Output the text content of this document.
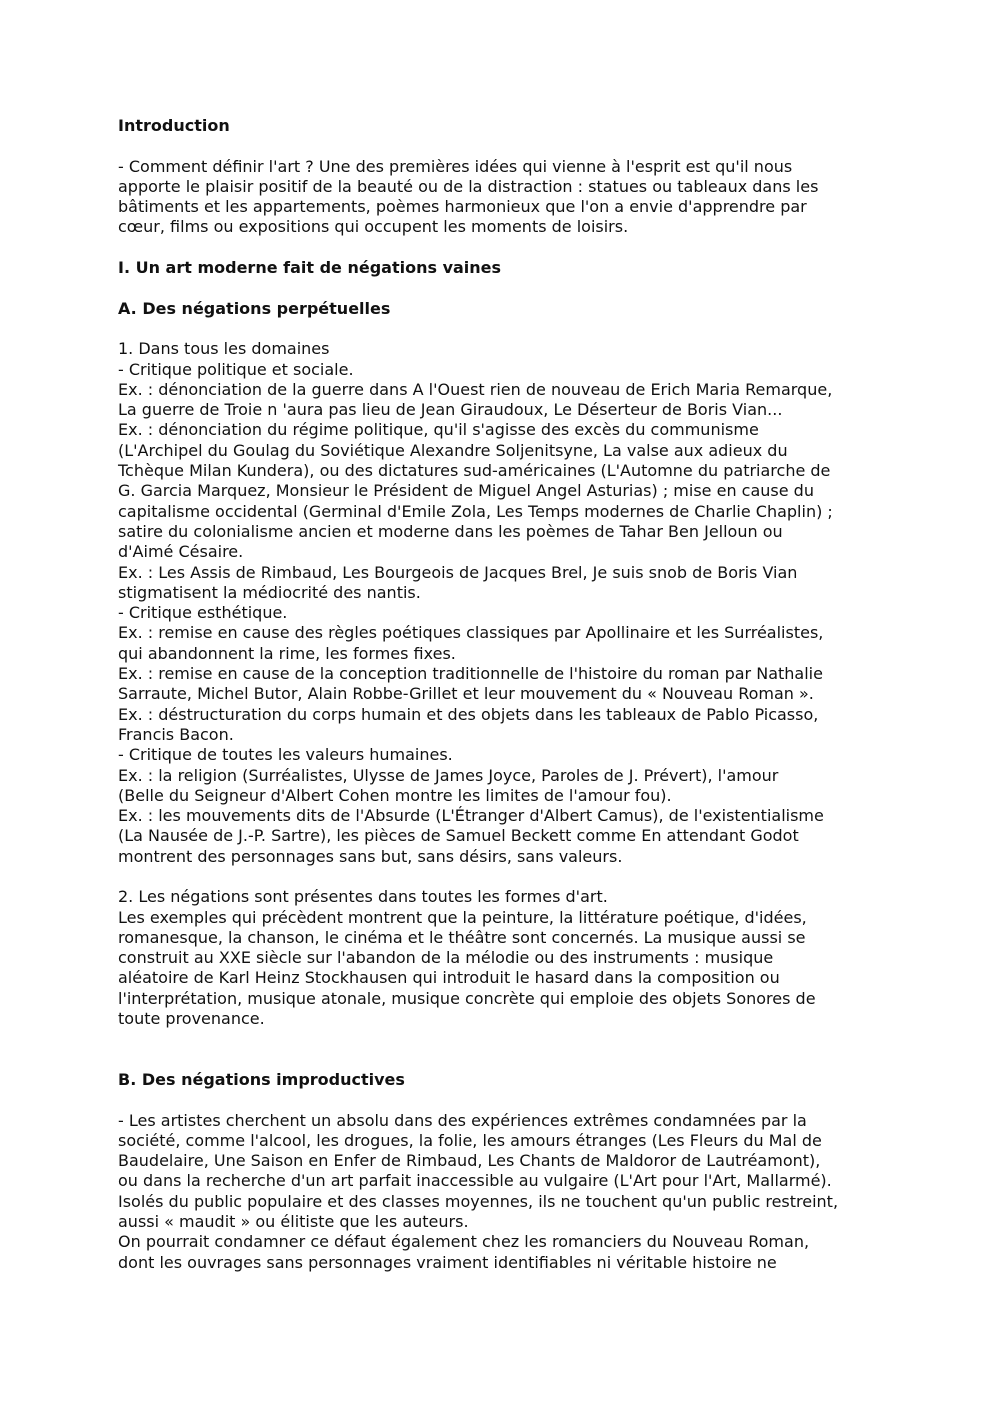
Introduction
- Comment définir l'art ? Une des premières idées qui vienne à l'esprit est qu'il nous
apporte le plaisir positif de la beauté ou de la distraction : statues ou tableaux dans les
bâtiments et les appartements, poèmes harmonieux que l'on a envie d'apprendre par
cœur, films ou expositions qui occupent les moments de loisirs.
I. Un art moderne fait de négations vaines
A. Des négations perpétuelles
1. Dans tous les domaines
- Critique politique et sociale.
Ex. : dénonciation de la guerre dans A l'Ouest rien de nouveau de Erich Maria Remarque,
La guerre de Troie n 'aura pas lieu de Jean Giraudoux, Le Déserteur de Boris Vian...
Ex. : dénonciation du régime politique, qu'il s'agisse des excès du communisme
(L'Archipel du Goulag du Soviétique Alexandre Soljenitsyne, La valse aux adieux du
Tchèque Milan Kundera), ou des dictatures sud-américaines (L'Automne du patriarche de
G. Garcia Marquez, Monsieur le Président de Miguel Angel Asturias) ; mise en cause du
capitalisme occidental (Germinal d'Emile Zola, Les Temps modernes de Charlie Chaplin) ;
satire du colonialisme ancien et moderne dans les poèmes de Tahar Ben Jelloun ou
d'Aimé Césaire.
Ex. : Les Assis de Rimbaud, Les Bourgeois de Jacques Brel, Je suis snob de Boris Vian
stigmatisent la médiocrité des nantis.
- Critique esthétique.
Ex. : remise en cause des règles poétiques classiques par Apollinaire et les Surréalistes,
qui abandonnent la rime, les formes fixes.
Ex. : remise en cause de la conception traditionnelle de l'histoire du roman par Nathalie
Sarraute, Michel Butor, Alain Robbe-Grillet et leur mouvement du « Nouveau Roman ».
Ex. : déstructuration du corps humain et des objets dans les tableaux de Pablo Picasso,
Francis Bacon.
- Critique de toutes les valeurs humaines.
Ex. : la religion (Surréalistes, Ulysse de James Joyce, Paroles de J. Prévert), l'amour
(Belle du Seigneur d'Albert Cohen montre les limites de l'amour fou).
Ex. : les mouvements dits de l'Absurde (L'Étranger d'Albert Camus), de l'existentialisme
(La Nausée de J.-P. Sartre), les pièces de Samuel Beckett comme En attendant Godot
montrent des personnages sans but, sans désirs, sans valeurs.
2. Les négations sont présentes dans toutes les formes d'art.
Les exemples qui précèdent montrent que la peinture, la littérature poétique, d'idées,
romanesque, la chanson, le cinéma et le théâtre sont concernés. La musique aussi se
construit au XXE siècle sur l'abandon de la mélodie ou des instruments : musique
aléatoire de Karl Heinz Stockhausen qui introduit le hasard dans la composition ou
l'interprétation, musique atonale, musique concrète qui emploie des objets Sonores de
toute provenance.
B. Des négations improductives
- Les artistes cherchent un absolu dans des expériences extrêmes condamnées par la
société, comme l'alcool, les drogues, la folie, les amours étranges (Les Fleurs du Mal de
Baudelaire, Une Saison en Enfer de Rimbaud, Les Chants de Maldoror de Lautréamont),
ou dans la recherche d'un art parfait inaccessible au vulgaire (L'Art pour l'Art, Mallarmé).
Isolés du public populaire et des classes moyennes, ils ne touchent qu'un public restreint,
aussi « maudit » ou élitiste que les auteurs.
On pourrait condamner ce défaut également chez les romanciers du Nouveau Roman,
dont les ouvrages sans personnages vraiment identifiables ni véritable histoire ne
